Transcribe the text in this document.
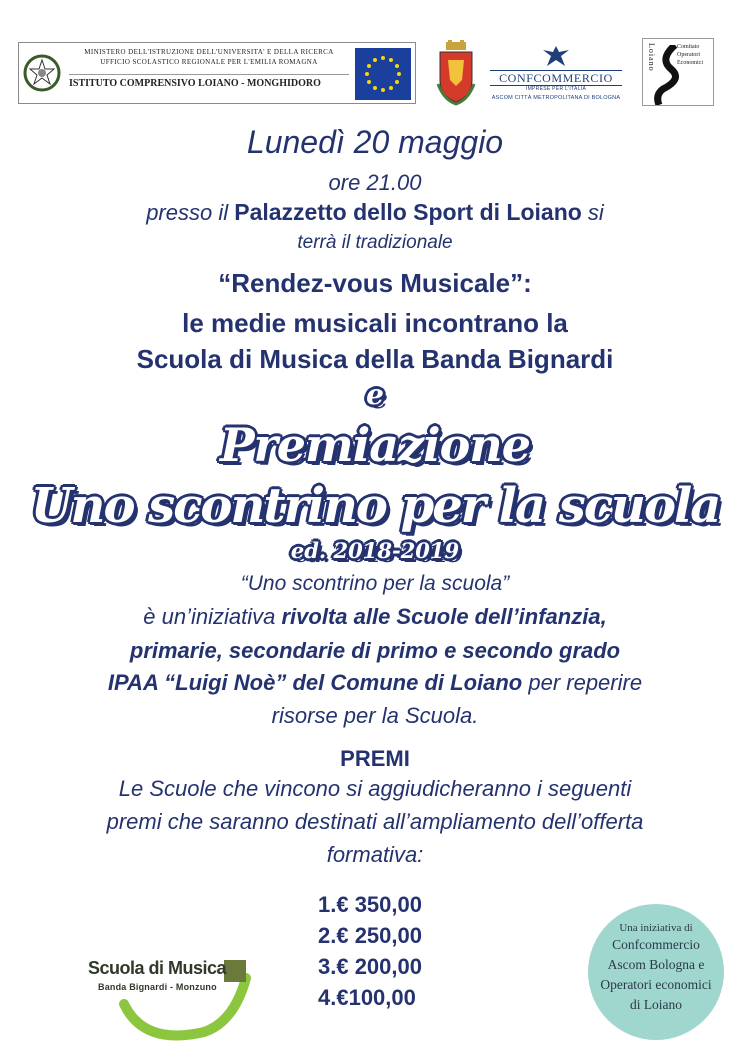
MINISTERO DELL'ISTRUZIONE DELL'UNIVERSITA' E DELLA RICERCA
UFFICIO SCOLASTICO REGIONALE PER L'EMILIA ROMAGNA
ISTITUTO COMPRENSIVO LOIANO - MONGHIDORO	CONFCOMMERCIO
IMPRESE PER L'ITALIA
ASCOM CITTÀ METROPOLITANA DI BOLOGNA
Loiano	Comitato
Operatori
Economici
Lunedì 20 maggio
ore 21.00
presso il Palazzetto dello Sport di Loiano si
terrà il tradizionale
“Rendez-vous Musicale”:
le medie musicali incontrano la
Scuola di Musica della Banda Bignardi
e
Premiazione
Uno scontrino per la scuola
ed. 2018-2019
“Uno scontrino per la scuola”
è un’iniziativa rivolta alle Scuole dell’infanzia,
primarie, secondarie di primo e secondo grado
IPAA “Luigi Noè” del Comune di Loiano per reperire
risorse per la Scuola.
PREMI
Le Scuole che vincono si aggiudicheranno i seguenti
premi che saranno destinati all’ampliamento dell’offerta
formativa:
1.€ 350,00
2.€ 250,00
3.€ 200,00
4.€100,00
Scuola di Musica
Banda Bignardi - Monzuno
Una iniziativa di
Confcommercio
Ascom Bologna e
Operatori economici
di Loiano
